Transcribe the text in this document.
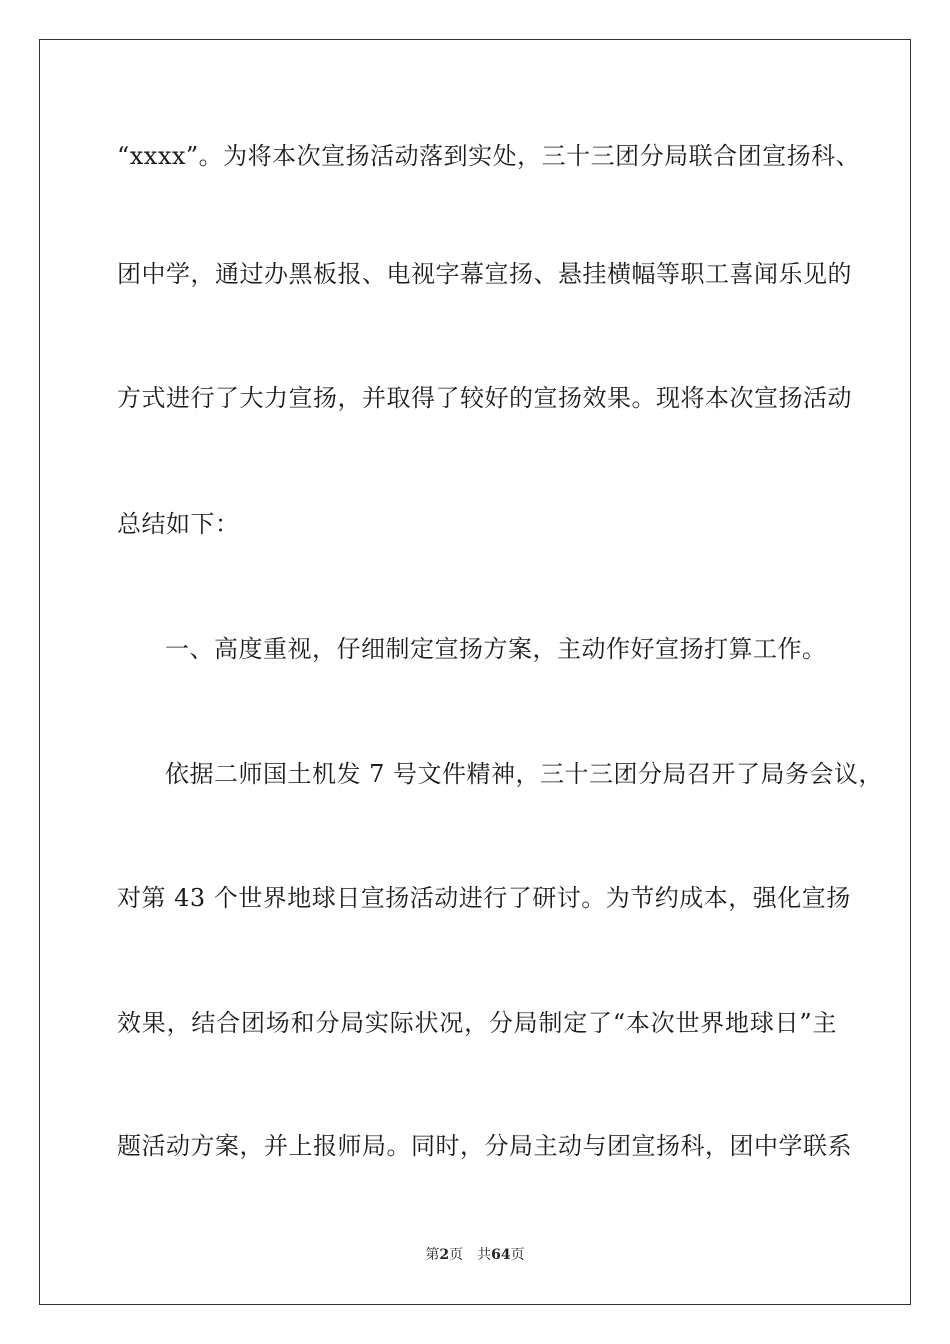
“xxxx”。为将本次宣扬活动落到实处，三十三团分局联合团宣扬科、
团中学，通过办黑板报、电视字幕宣扬、悬挂横幅等职工喜闻乐见的
方式进行了大力宣扬，并取得了较好的宣扬效果。现将本次宣扬活动
总结如下：
一、高度重视，仔细制定宣扬方案，主动作好宣扬打算工作。
依据二师国土机发 7 号文件精神，三十三团分局召开了局务会议，
对第 43 个世界地球日宣扬活动进行了研讨。为节约成本，强化宣扬
效果，结合团场和分局实际状况，分局制定了“本次世界地球日”主
题活动方案，并上报师局。同时，分局主动与团宣扬科，团中学联系
第2页 共64页
